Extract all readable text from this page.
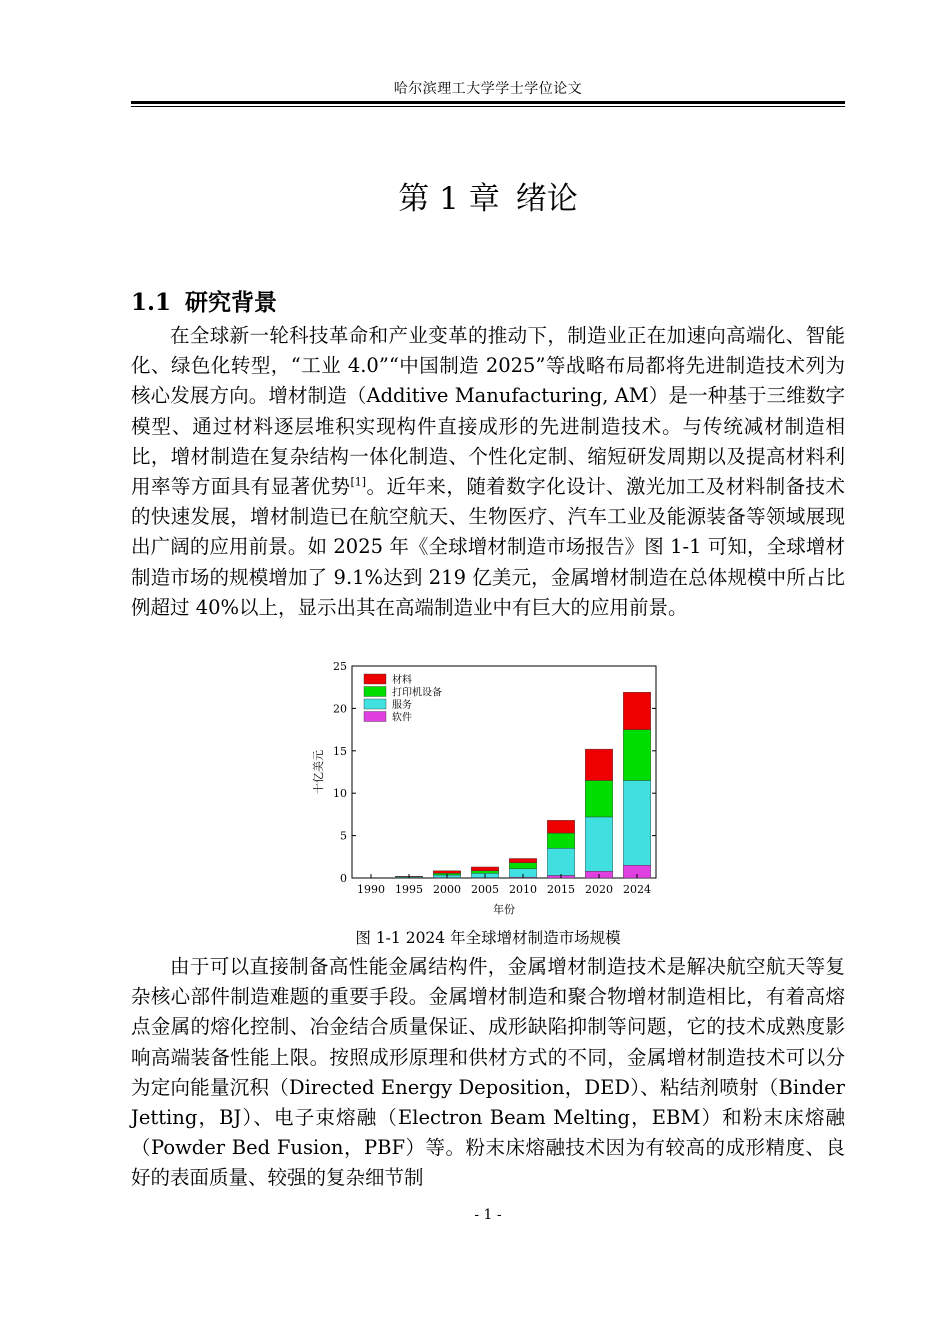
哈尔滨理工大学学士学位论文
第 1 章 绪论
1.1 研究背景

在全球新一轮科技革命和产业变革的推动下，制造业正在加速向高端化、智能化、绿色化转型，“工业 4.0”“中国制造 2025”等战略布局都将先进制造技术列为核心发展方向。增材制造（Additive Manufacturing, AM）是一种基于三维数字模型、通过材料逐层堆积实现构件直接成形的先进制造技术。与传统减材制造相比，增材制造在复杂结构一体化制造、个性化定制、缩短研发周期以及提高材料利用率等方面具有显著优势[1]。近年来，随着数字化设计、激光加工及材料制备技术的快速发展，增材制造已在航空航天、生物医疗、汽车工业及能源装备等领域展现出广阔的应用前景。如 2025 年《全球增材制造市场报告》图 1-1 可知，全球增材制造市场的规模增加了 9.1%达到 219 亿美元，金属增材制造在总体规模中所占比例超过 40%以上，显示出其在高端制造业中有巨大的应用前景。

0
5
10
15
20
25
1990 1995 2000 2005 2010 2015 2020 2024
年份
十亿美元
材料
打印机设备
服务
软件
图 1-1 2024 年全球增材制造市场规模

由于可以直接制备高性能金属结构件，金属增材制造技术是解决航空航天等复杂核心部件制造难题的重要手段。金属增材制造和聚合物增材制造相比，有着高熔点金属的熔化控制、冶金结合质量保证、成形缺陷抑制等问题，它的技术成熟度影响高端装备性能上限。按照成形原理和供材方式的不同，金属增材制造技术可以分为定向能量沉积（Directed Energy Deposition，DED）、粘结剂喷射（Binder Jetting，BJ）、电子束熔融（Electron Beam Melting，EBM）和粉末床熔融（Powder Bed Fusion，PBF）等。粉末床熔融技术因为有较高的成形精度、良好的表面质量、较强的复杂细节制

- 1 -
